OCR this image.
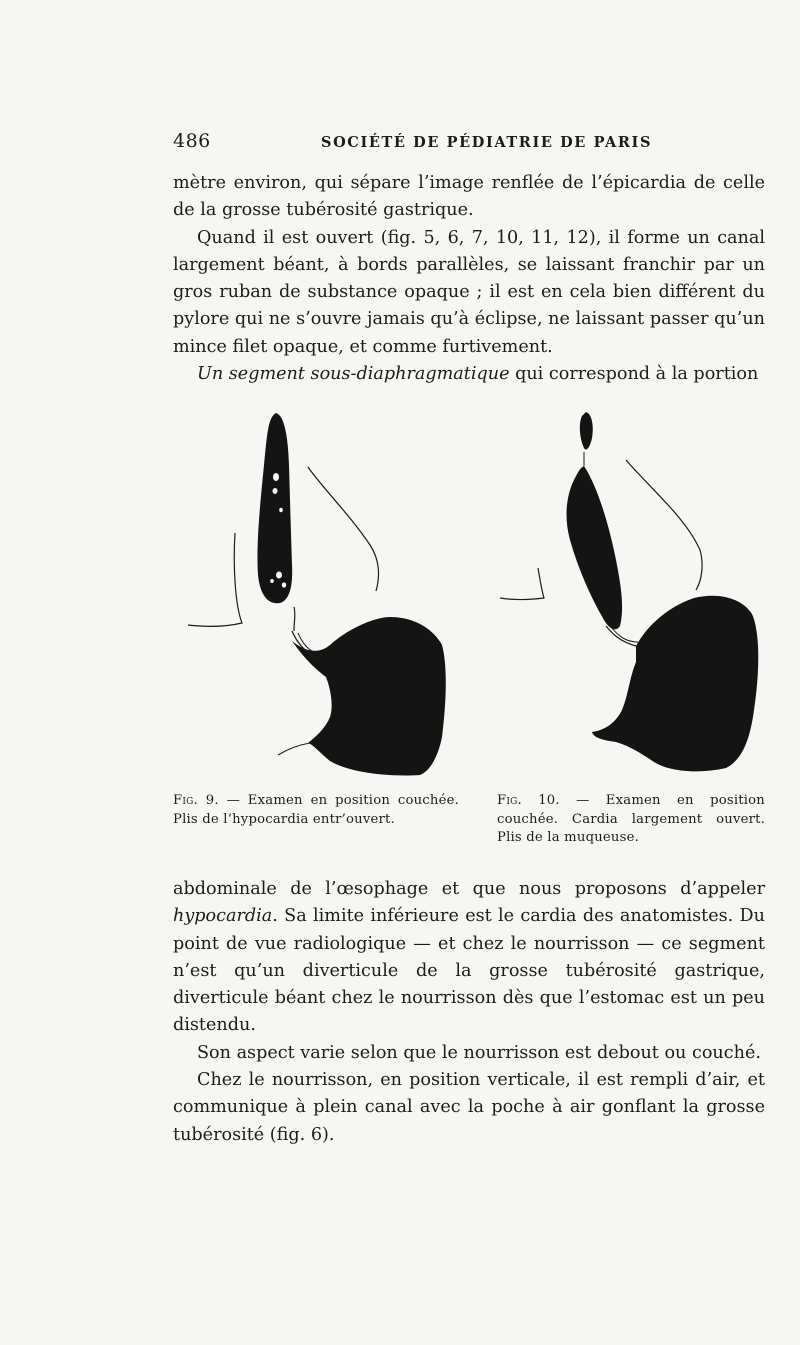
486	SOCIÉTÉ DE PÉDIATRIE DE PARIS

mètre environ, qui sépare l’image renflée de l’épicardia de celle de la grosse tubérosité gastrique.

Quand il est ouvert (fig. 5, 6, 7, 10, 11, 12), il forme un canal largement béant, à bords parallèles, se laissant franchir par un gros ruban de substance opaque ; il est en cela bien différent du pylore qui ne s’ouvre jamais qu’à éclipse, ne laissant passer qu’un mince filet opaque, et comme furtivement.

Un segment sous-diaphragmatique qui correspond à la portion

Fig. 9. — Examen en position couchée. Plis de l’hypocardia entr’ouvert.
Fig. 10. — Examen en position couchée. Cardia largement ouvert. Plis de la muqueuse.

abdominale de l’œsophage et que nous proposons d’appeler hypocardia. Sa limite inférieure est le cardia des anatomistes. Du point de vue radiologique — et chez le nourrisson — ce segment n’est qu’un diverticule de la grosse tubérosité gastrique, diverticule béant chez le nourrisson dès que l’estomac est un peu distendu.

Son aspect varie selon que le nourrisson est debout ou couché.

Chez le nourrisson, en position verticale, il est rempli d’air, et communique à plein canal avec la poche à air gonflant la grosse tubérosité (fig. 6).
